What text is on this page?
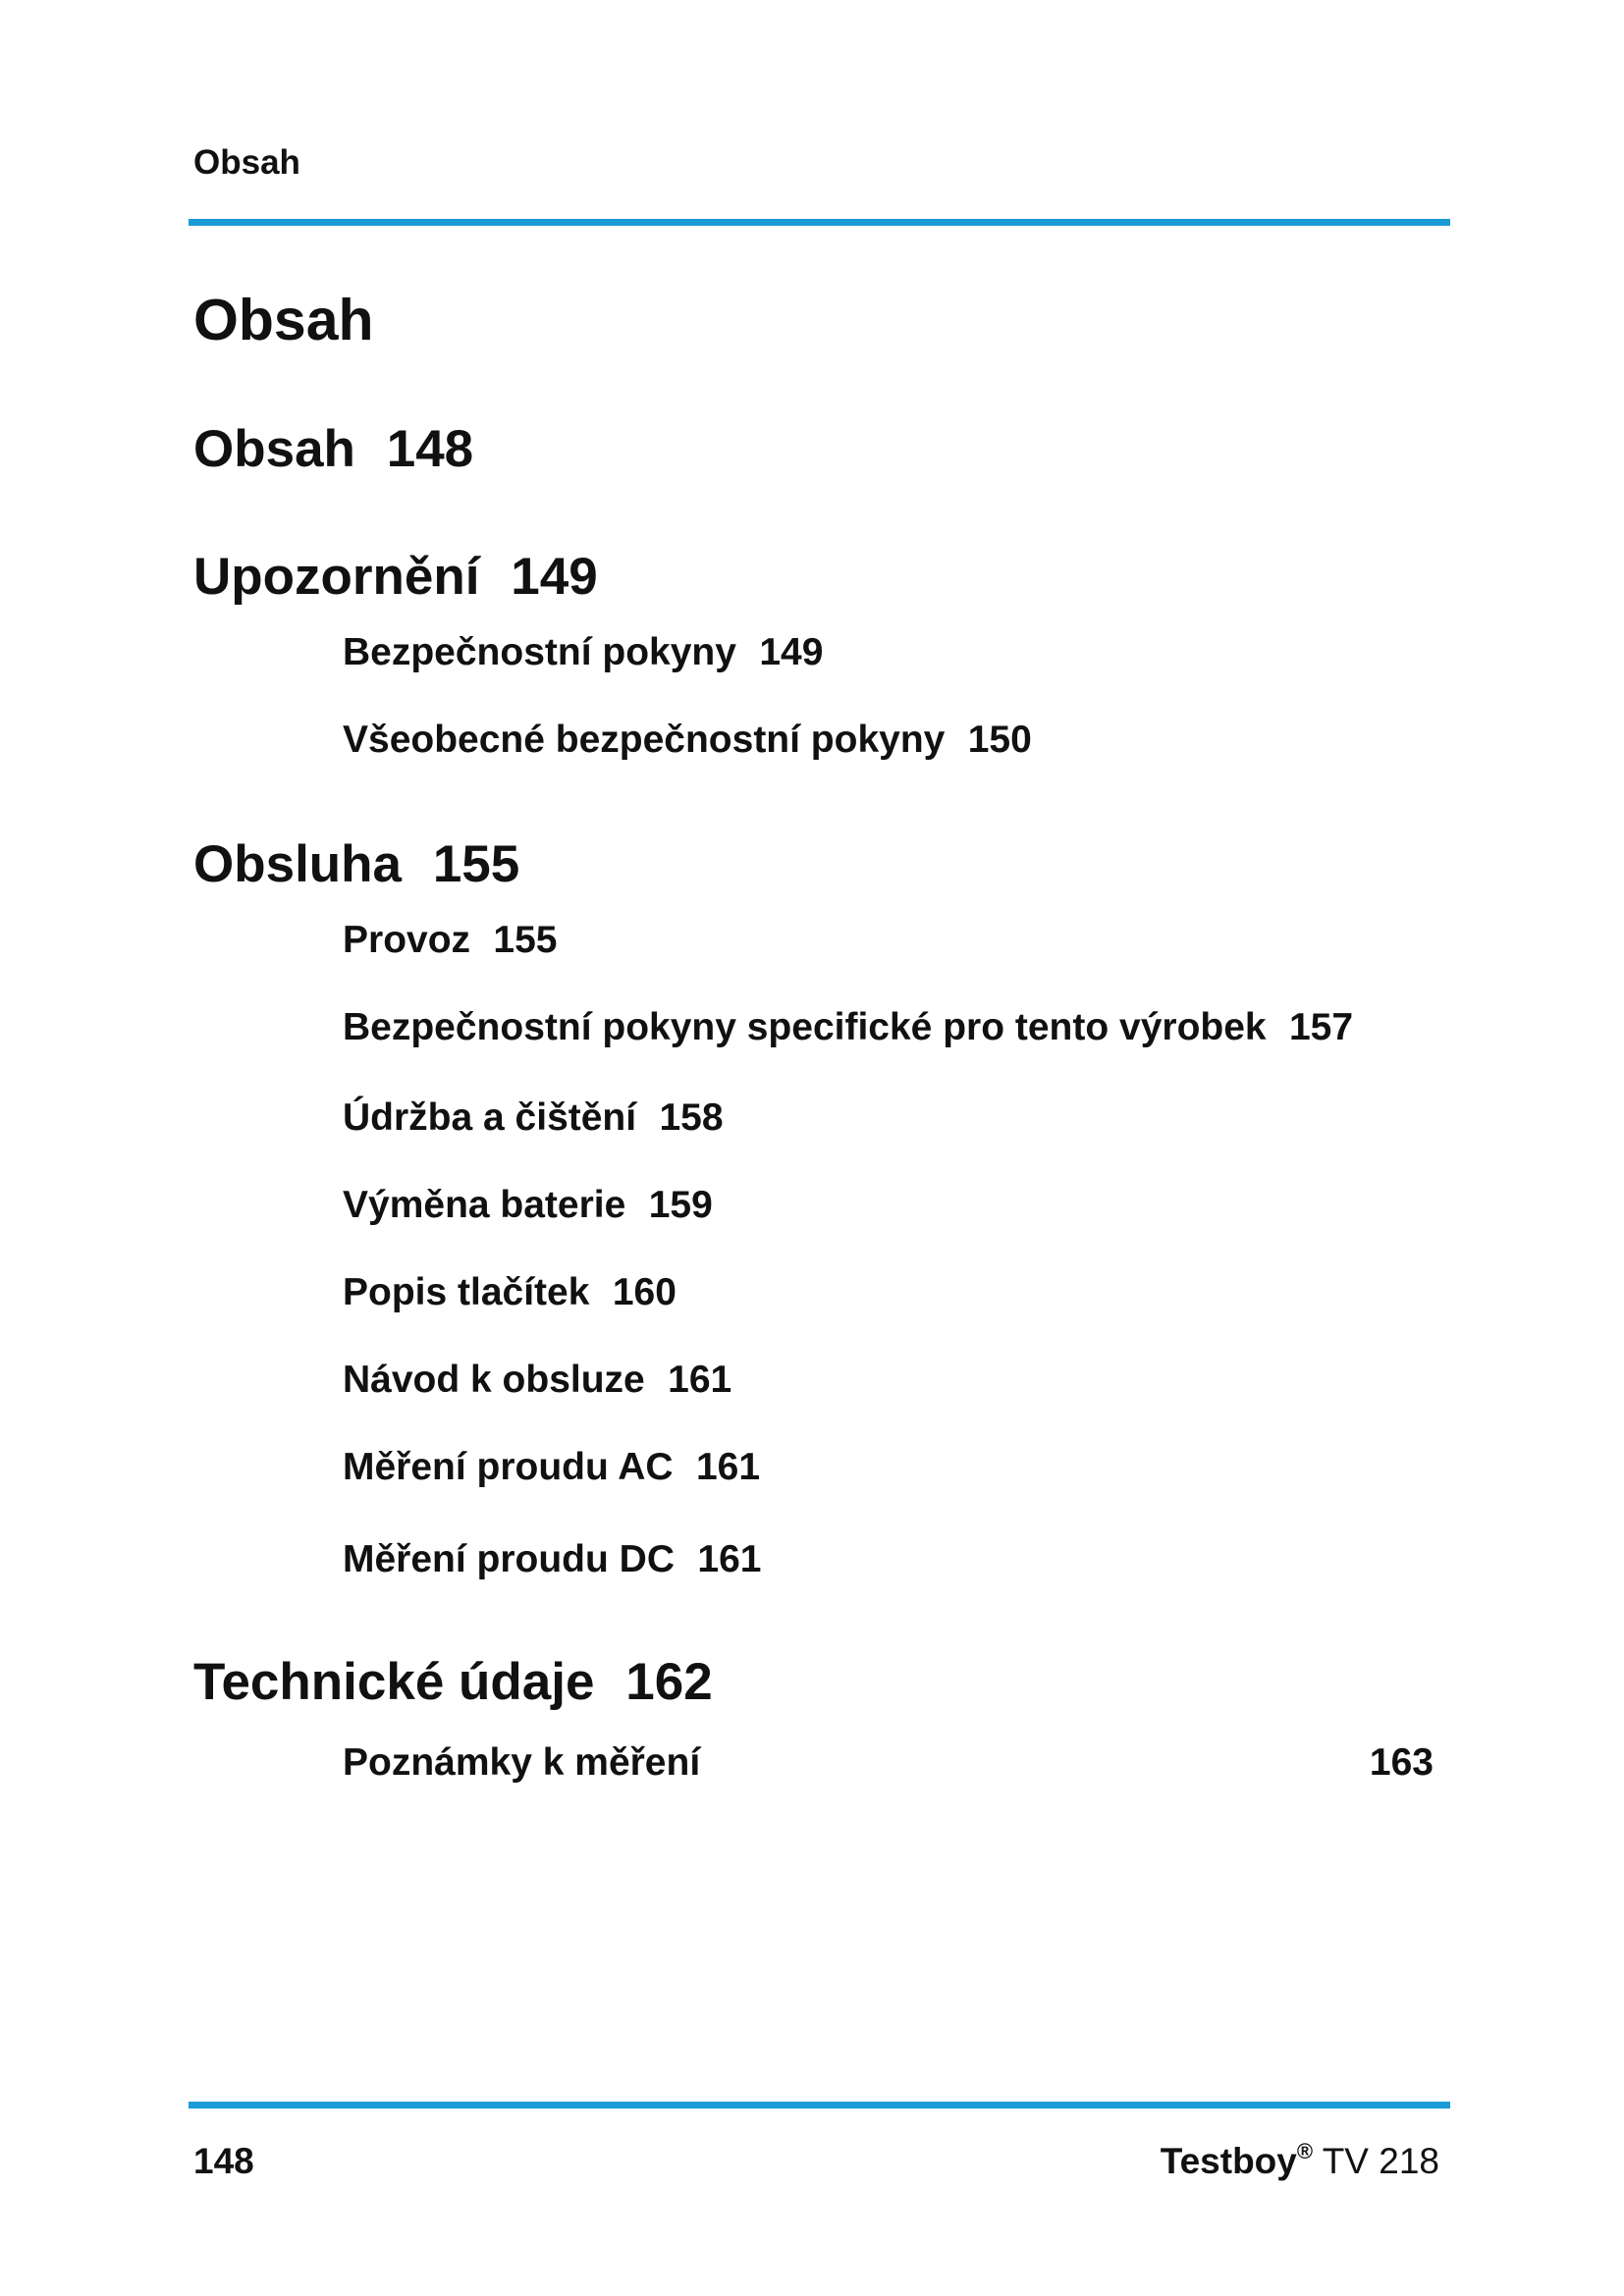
Obsah
Obsah
Obsah 148
Upozornění 149
Bezpečnostní pokyny 149
Všeobecné bezpečnostní pokyny 150
Obsluha 155
Provoz 155
Bezpečnostní pokyny specifické pro tento výrobek 157
Údržba a čištění 158
Výměna baterie 159
Popis tlačítek 160
Návod k obsluze 161
Měření proudu AC 161
Měření proudu DC 161
Technické údaje 162
Poznámky k měření	163
148	Testboy® TV 218
